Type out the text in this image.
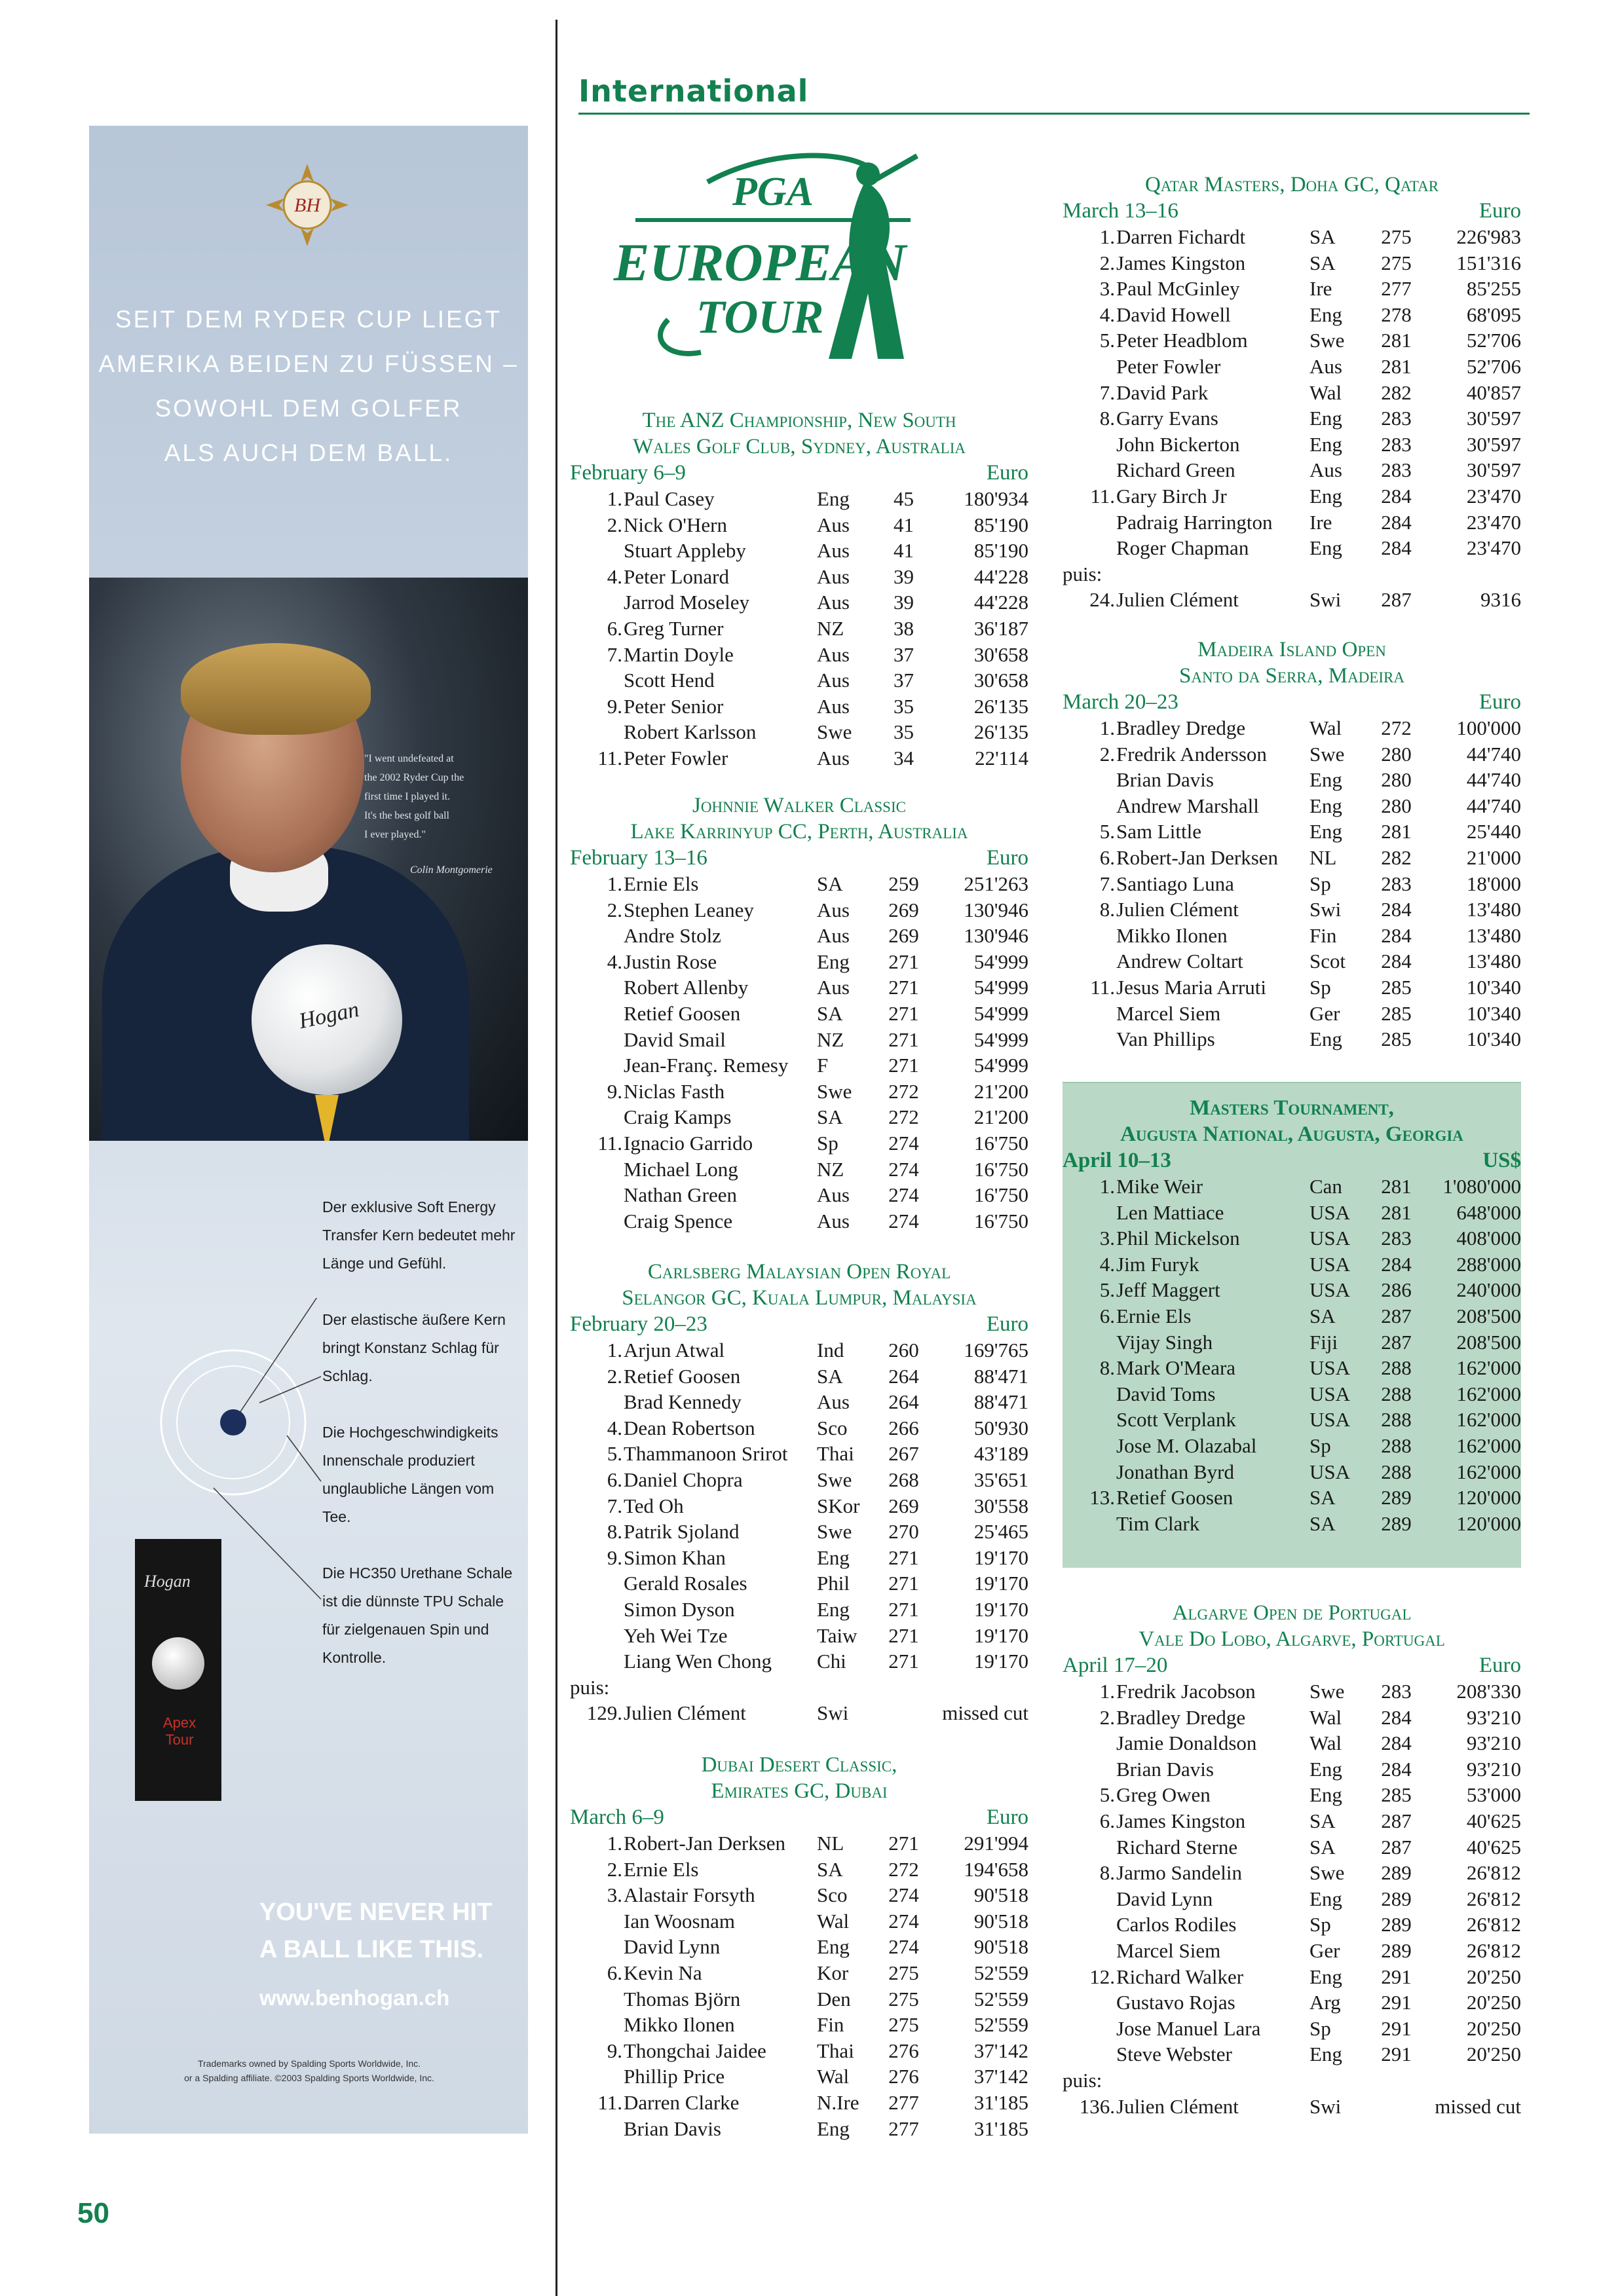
BH
SEIT DEM RYDER CUP LIEGT
AMERIKA BEIDEN ZU FÜSSEN –
SOWOHL DEM GOLFER
ALS AUCH DEM BALL.
Hogan
"I went undefeated at
the 2002 Ryder Cup the
first time I played it.
It's the best golf ball
I ever played."
Colin Montgomerie
Der exklusive Soft Energy Transfer Kern bedeutet mehr Länge und Gefühl.
Der elastische äußere Kern bringt Konstanz Schlag für Schlag.
Die Hochgeschwindigkeits Innenschale produziert unglaubliche Längen vom Tee.
Die HC350 Urethane Schale ist die dünnste TPU Schale für zielgenauen Spin und Kontrolle.
Hogan
Apex
Tour
YOU'VE NEVER HIT
A BALL LIKE THIS.
www.benhogan.ch
Trademarks owned by Spalding Sports Worldwide, Inc.
or a Spalding affiliate. ©2003 Spalding Sports Worldwide, Inc.
50
International
PGA
EUROPEAN
TOUR
The ANZ Championship, New South
Wales Golf Club, Sydney, Australia
February 6–9	Euro
1. Paul Casey	Eng	45	180'934
2. Nick O'Hern	Aus	41	85'190
Stuart Appleby	Aus	41	85'190
4. Peter Lonard	Aus	39	44'228
Jarrod Moseley	Aus	39	44'228
6. Greg Turner	NZ	38	36'187
7. Martin Doyle	Aus	37	30'658
Scott Hend	Aus	37	30'658
9. Peter Senior	Aus	35	26'135
Robert Karlsson	Swe	35	26'135
11. Peter Fowler	Aus	34	22'114
Johnnie Walker Classic
Lake Karrinyup CC, Perth, Australia
February 13–16	Euro
1. Ernie Els	SA	259	251'263
2. Stephen Leaney	Aus	269	130'946
Andre Stolz	Aus	269	130'946
4. Justin Rose	Eng	271	54'999
Robert Allenby	Aus	271	54'999
Retief Goosen	SA	271	54'999
David Smail	NZ	271	54'999
Jean-Franç. Remesy	F	271	54'999
9. Niclas Fasth	Swe	272	21'200
Craig Kamps	SA	272	21'200
11. Ignacio Garrido	Sp	274	16'750
Michael Long	NZ	274	16'750
Nathan Green	Aus	274	16'750
Craig Spence	Aus	274	16'750
Carlsberg Malaysian Open Royal
Selangor GC, Kuala Lumpur, Malaysia
February 20–23	Euro
1. Arjun Atwal	Ind	260	169'765
2. Retief Goosen	SA	264	88'471
Brad Kennedy	Aus	264	88'471
4. Dean Robertson	Sco	266	50'930
5. Thammanoon Srirot	Thai	267	43'189
6. Daniel Chopra	Swe	268	35'651
7. Ted Oh	SKor	269	30'558
8. Patrik Sjoland	Swe	270	25'465
9. Simon Khan	Eng	271	19'170
Gerald Rosales	Phil	271	19'170
Simon Dyson	Eng	271	19'170
Yeh Wei Tze	Taiw	271	19'170
Liang Wen Chong	Chi	271	19'170
puis:
129. Julien Clément	Swi	missed cut
Dubai Desert Classic,
Emirates GC, Dubai
March 6–9	Euro
1. Robert-Jan Derksen	NL	271	291'994
2. Ernie Els	SA	272	194'658
3. Alastair Forsyth	Sco	274	90'518
Ian Woosnam	Wal	274	90'518
David Lynn	Eng	274	90'518
6. Kevin Na	Kor	275	52'559
Thomas Björn	Den	275	52'559
Mikko Ilonen	Fin	275	52'559
9. Thongchai Jaidee	Thai	276	37'142
Phillip Price	Wal	276	37'142
11. Darren Clarke	N.Ire	277	31'185
Brian Davis	Eng	277	31'185
Qatar Masters, Doha GC, Qatar
March 13–16	Euro
1. Darren Fichardt	SA	275	226'983
2. James Kingston	SA	275	151'316
3. Paul McGinley	Ire	277	85'255
4. David Howell	Eng	278	68'095
5. Peter Headblom	Swe	281	52'706
Peter Fowler	Aus	281	52'706
7. David Park	Wal	282	40'857
8. Garry Evans	Eng	283	30'597
John Bickerton	Eng	283	30'597
Richard Green	Aus	283	30'597
11. Gary Birch Jr	Eng	284	23'470
Padraig Harrington	Ire	284	23'470
Roger Chapman	Eng	284	23'470
puis:
24. Julien Clément	Swi	287	9316
Madeira Island Open
Santo da Serra, Madeira
March 20–23	Euro
1. Bradley Dredge	Wal	272	100'000
2. Fredrik Andersson	Swe	280	44'740
Brian Davis	Eng	280	44'740
Andrew Marshall	Eng	280	44'740
5. Sam Little	Eng	281	25'440
6. Robert-Jan Derksen	NL	282	21'000
7. Santiago Luna	Sp	283	18'000
8. Julien Clément	Swi	284	13'480
Mikko Ilonen	Fin	284	13'480
Andrew Coltart	Scot	284	13'480
11. Jesus Maria Arruti	Sp	285	10'340
Marcel Siem	Ger	285	10'340
Van Phillips	Eng	285	10'340
Masters Tournament,
Augusta National, Augusta, Georgia
April 10–13	US$
1. Mike Weir	Can	281	1'080'000
Len Mattiace	USA	281	648'000
3. Phil Mickelson	USA	283	408'000
4. Jim Furyk	USA	284	288'000
5. Jeff Maggert	USA	286	240'000
6. Ernie Els	SA	287	208'500
Vijay Singh	Fiji	287	208'500
8. Mark O'Meara	USA	288	162'000
David Toms	USA	288	162'000
Scott Verplank	USA	288	162'000
Jose M. Olazabal	Sp	288	162'000
Jonathan Byrd	USA	288	162'000
13. Retief Goosen	SA	289	120'000
Tim Clark	SA	289	120'000
Algarve Open de Portugal
Vale Do Lobo, Algarve, Portugal
April 17–20	Euro
1. Fredrik Jacobson	Swe	283	208'330
2. Bradley Dredge	Wal	284	93'210
Jamie Donaldson	Wal	284	93'210
Brian Davis	Eng	284	93'210
5. Greg Owen	Eng	285	53'000
6. James Kingston	SA	287	40'625
Richard Sterne	SA	287	40'625
8. Jarmo Sandelin	Swe	289	26'812
David Lynn	Eng	289	26'812
Carlos Rodiles	Sp	289	26'812
Marcel Siem	Ger	289	26'812
12. Richard Walker	Eng	291	20'250
Gustavo Rojas	Arg	291	20'250
Jose Manuel Lara	Sp	291	20'250
Steve Webster	Eng	291	20'250
puis:
136. Julien Clément	Swi	missed cut
